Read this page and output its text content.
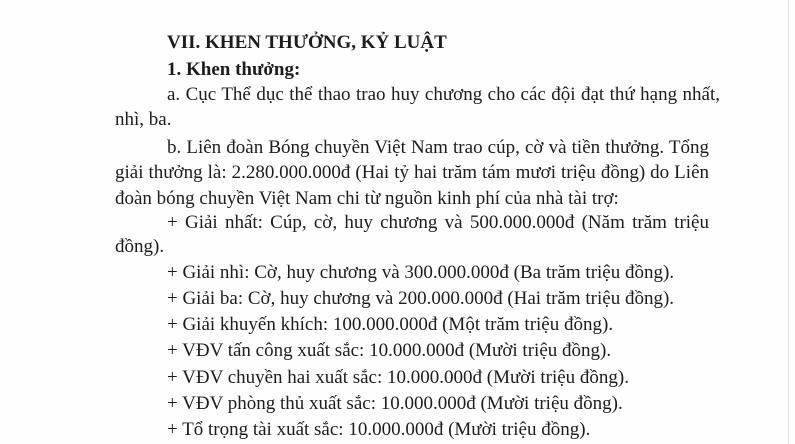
VII. KHEN THƯỞNG, KỶ LUẬT

1. Khen thưởng:

a. Cục Thể dục thể thao trao huy chương cho các đội đạt thứ hạng nhất,

nhì, ba.

b. Liên đoàn Bóng chuyền Việt Nam trao cúp, cờ và tiền thưởng. Tổng

giải thưởng là: 2.280.000.000đ (Hai tỷ hai trăm tám mươi triệu đồng) do Liên

đoàn bóng chuyền Việt Nam chi từ nguồn kinh phí của nhà tài trợ:

+ Giải nhất: Cúp, cờ, huy chương và 500.000.000đ (Năm trăm triệu

đồng).

+ Giải nhì: Cờ, huy chương và 300.000.000đ (Ba trăm triệu đồng).

+ Giải ba: Cờ, huy chương và 200.000.000đ (Hai trăm triệu đồng).

+ Giải khuyến khích: 100.000.000đ (Một trăm triệu đồng).

+ VĐV tấn công xuất sắc: 10.000.000đ (Mười triệu đồng).

+ VĐV chuyền hai xuất sắc: 10.000.000đ (Mười triệu đồng).

+ VĐV phòng thủ xuất sắc: 10.000.000đ (Mười triệu đồng).

+ Tổ trọng tài xuất sắc: 10.000.000đ (Mười triệu đồng).
